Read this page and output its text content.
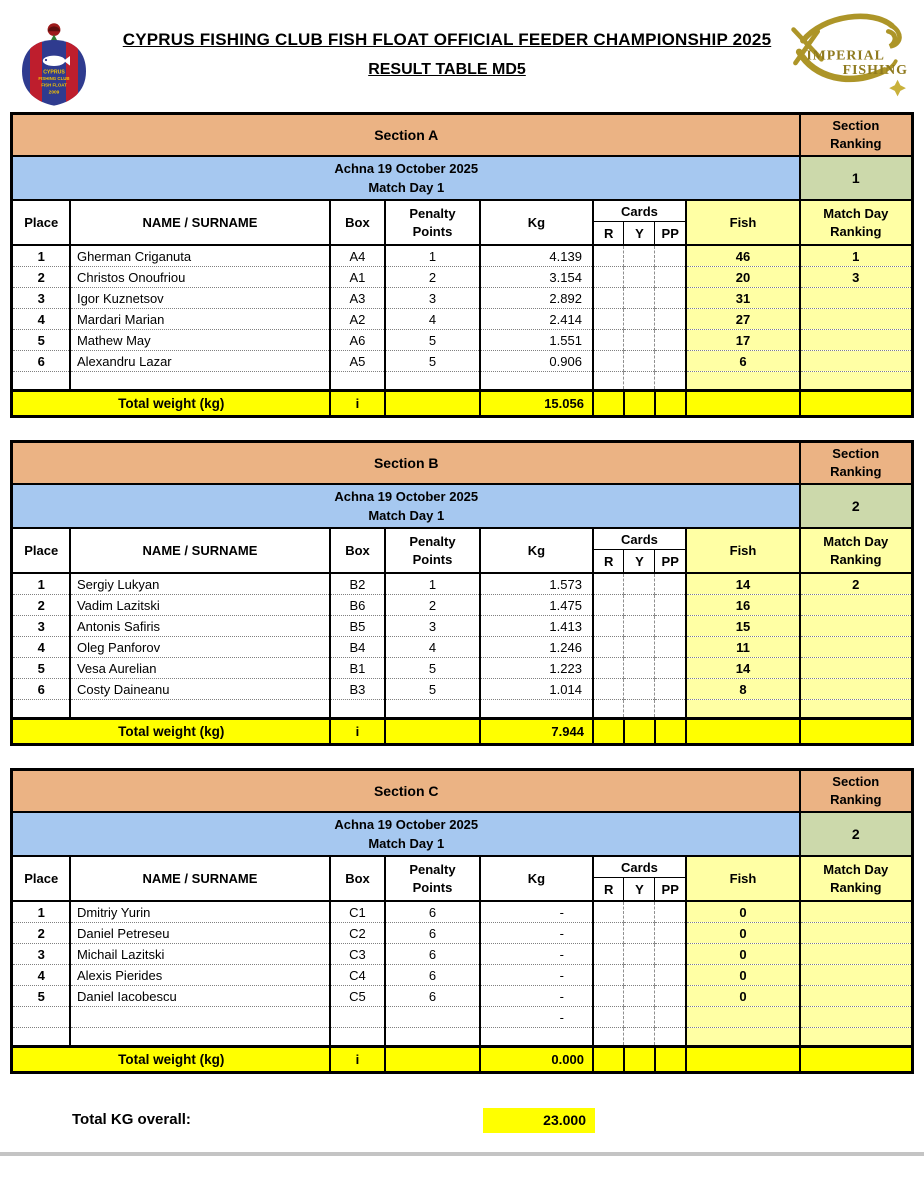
CYPRUS
FISHING CLUB
FISH FLOAT
2009
CYPRUS FISHING CLUB FISH FLOAT OFFICIAL FEEDER CHAMPIONSHIP 2025
RESULT TABLE MD5
IMPERIAL
FISHING
Section A									Section
Ranking

Achna 19 October 2025
Match Day 1									1
Place	NAME / SURNAME	Box	Penalty
Points	Kg	Cards			Fish	Match Day
Ranking

					R	Y	PP		
1	Gherman Criganuta	A4	1	4.139				46	1
2	Christos Onoufriou	A1	2	3.154				20	3
3	Igor Kuznetsov	A3	3	2.892				31	
4	Mardari Marian	A2	4	2.414				27	
5	Mathew May	A6	5	1.551				17	
6	Alexandru Lazar	A5	5	0.906				6	

Total weight (kg)		i		15.056					
Section B									Section
Ranking

Achna 19 October 2025
Match Day 1									2
Place	NAME / SURNAME	Box	Penalty
Points	Kg	Cards			Fish	Match Day
Ranking

					R	Y	PP		
1	Sergiy Lukyan	B2	1	1.573				14	2
2	Vadim Lazitski	B6	2	1.475				16	
3	Antonis Safiris	B5	3	1.413				15	
4	Oleg Panforov	B4	4	1.246				11	
5	Vesa Aurelian	B1	5	1.223				14	
6	Costy Daineanu	B3	5	1.014				8	

Total weight (kg)		i		7.944					
Section C									Section
Ranking

Achna 19 October 2025
Match Day 1									2
Place	NAME / SURNAME	Box	Penalty
Points	Kg	Cards			Fish	Match Day
Ranking

					R	Y	PP		
1	Dmitriy Yurin	C1	6	-				0	
2	Daniel Petreseu	C2	6	-				0	
3	Michail Lazitski	C3	6	-				0	
4	Alexis Pierides	C4	6	-				0	
5	Daniel Iacobescu	C5	6	-				0	
				-					

Total weight (kg)		i		0.000					
Total KG overall:	23.000
